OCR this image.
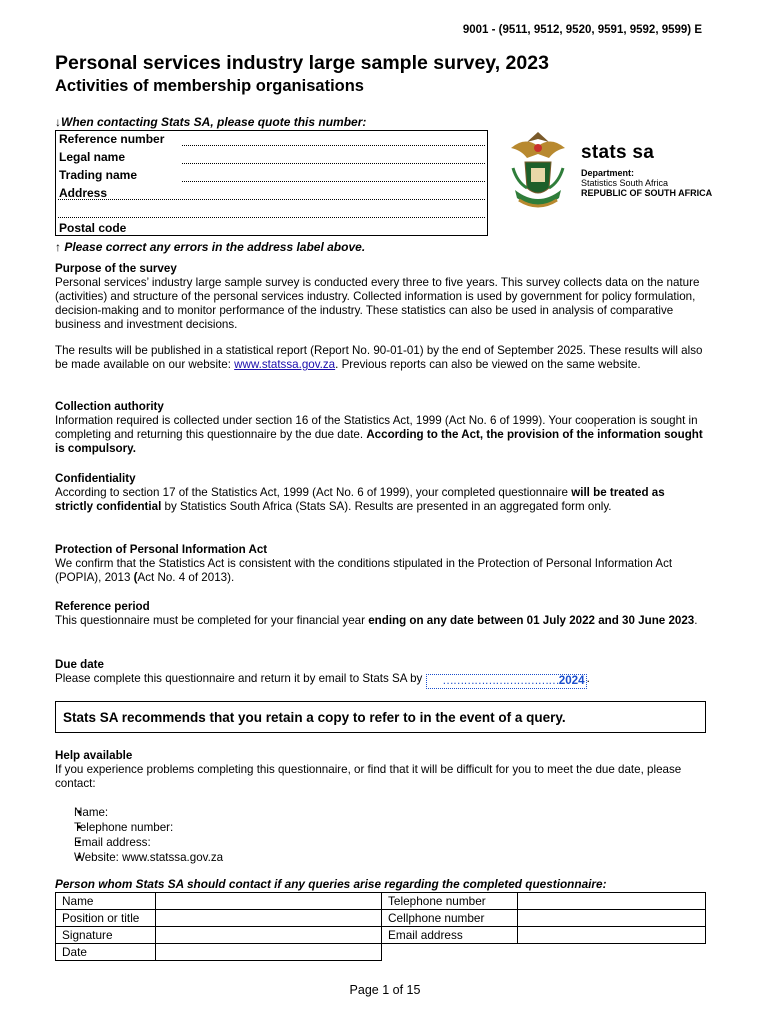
9001 - (9511, 9512, 9520, 9591, 9592, 9599) E
Personal services industry large sample survey, 2023
Activities of membership organisations
↓When contacting Stats SA, please quote this number:
Reference number
Legal name
Trading name
Address
Postal code
↑ Please correct any errors in the address label above.
stats sa
Department:
Statistics South Africa
REPUBLIC OF SOUTH AFRICA
Purpose of the survey
Personal services’ industry large sample survey is conducted every three to five years. This survey collects data on the nature (activities) and structure of the personal services industry. Collected information is used by government for policy formulation, decision-making and to monitor performance of the industry. These statistics can also be used in analysis of comparative business and investment decisions.
The results will be published in a statistical report (Report No. 90-01-01) by the end of September 2025. These results will also be made available on our website: www.statssa.gov.za. Previous reports can also be viewed on the same website.
Collection authority
Information required is collected under section 16 of the Statistics Act, 1999 (Act No. 6 of 1999). Your cooperation is sought in completing and returning this questionnaire by the due date. According to the Act, the provision of the information sought is compulsory.
Confidentiality
According to section 17 of the Statistics Act, 1999 (Act No. 6 of 1999), your completed questionnaire will be treated as strictly confidential by Statistics South Africa (Stats SA). Results are presented in an aggregated form only.
Protection of Personal Information Act
We confirm that the Statistics Act is consistent with the conditions stipulated in the Protection of Personal Information Act (POPIA), 2013 (Act No. 4 of 2013).
Reference period
This questionnaire must be completed for your financial year ending on any date between 01 July 2022 and 30 June 2023.
Due date
Please complete this questionnaire and return it by email to Stats SA by ……………………………2024 .
Stats SA recommends that you retain a copy to refer to in the event of a query.
Help available
If you experience problems completing this questionnaire, or find that it will be difficult for you to meet the due date, please contact:
• Name:
• Telephone number:
• Email address:
• Website: www.statssa.gov.za
Person whom Stats SA should contact if any queries arise regarding the completed questionnaire:
Name		Telephone number	
Position or title		Cellphone number	
Signature		Email address	
Date			
Page 1 of 15
